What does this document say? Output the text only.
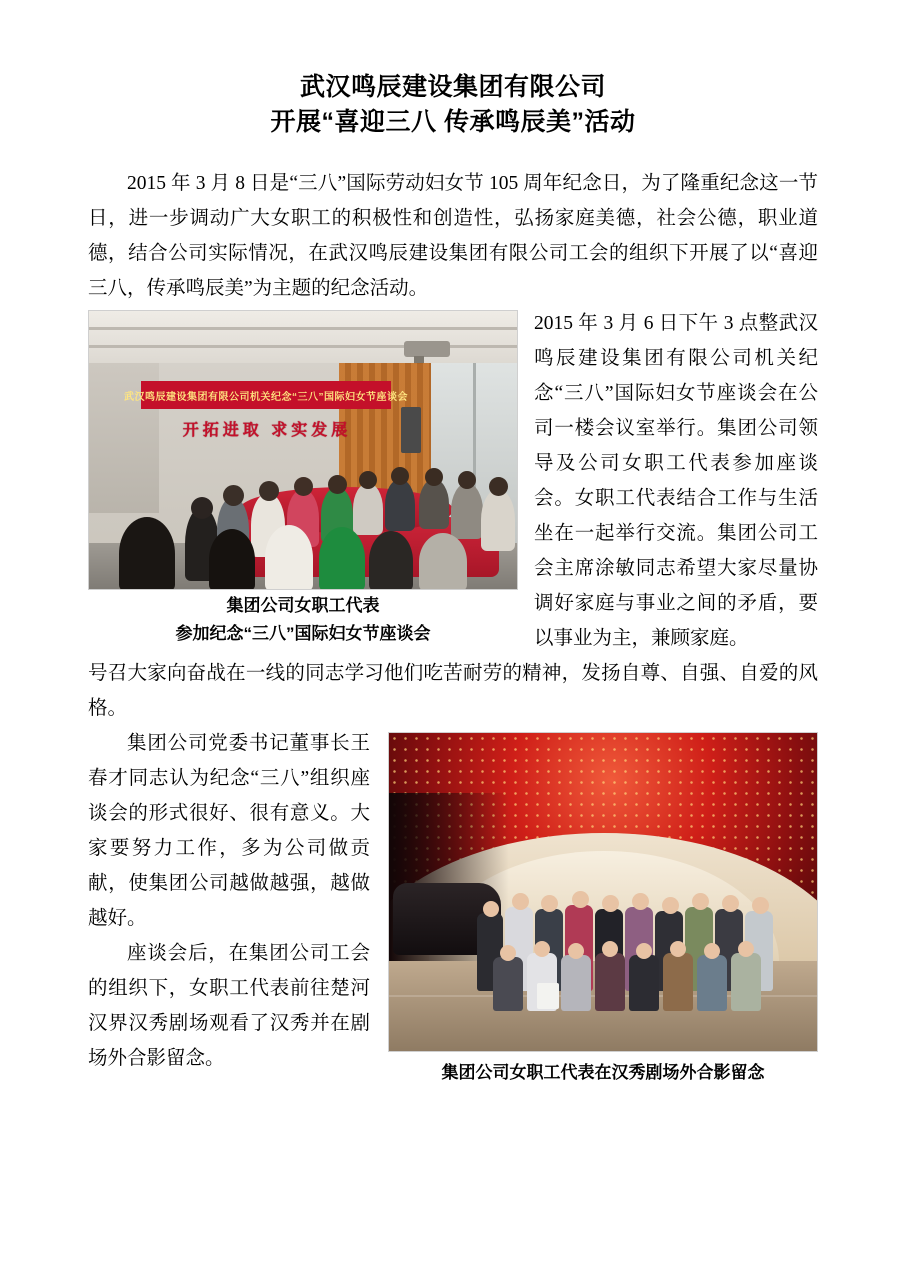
武汉鸣辰建设集团有限公司
开展“喜迎三八 传承鸣辰美”活动
2015 年 3 月 8 日是“三八”国际劳动妇女节 105 周年纪念日，为了隆重纪念这一节日，进一步调动广大女职工的积极性和创造性，弘扬家庭美德，社会公德，职业道德，结合公司实际情况，在武汉鸣辰建设集团有限公司工会的组织下开展了以“喜迎三八，传承鸣辰美”为主题的纪念活动。
武汉鸣辰建设集团有限公司机关纪念“三八”国际妇女节座谈会
开拓进取 求实发展
集团公司女职工代表
参加纪念“三八”国际妇女节座谈会
2015 年 3 月 6 日下午 3 点整武汉鸣辰建设集团有限公司机关纪念“三八”国际妇女节座谈会在公司一楼会议室举行。集团公司领导及公司女职工代表参加座谈会。女职工代表结合工作与生活坐在一起举行交流。集团公司工会主席涂敏同志希望大家尽量协调好家庭与事业之间的矛盾，要以事业为主，兼顾家庭。
号召大家向奋战在一线的同志学习他们吃苦耐劳的精神，发扬自尊、自强、自爱的风格。
集团公司女职工代表在汉秀剧场外合影留念
集团公司党委书记董事长王春才同志认为纪念“三八”组织座谈会的形式很好、很有意义。大家要努力工作，多为公司做贡献，使集团公司越做越强，越做越好。
座谈会后，在集团公司工会的组织下，女职工代表前往楚河汉界汉秀剧场观看了汉秀并在剧场外合影留念。
